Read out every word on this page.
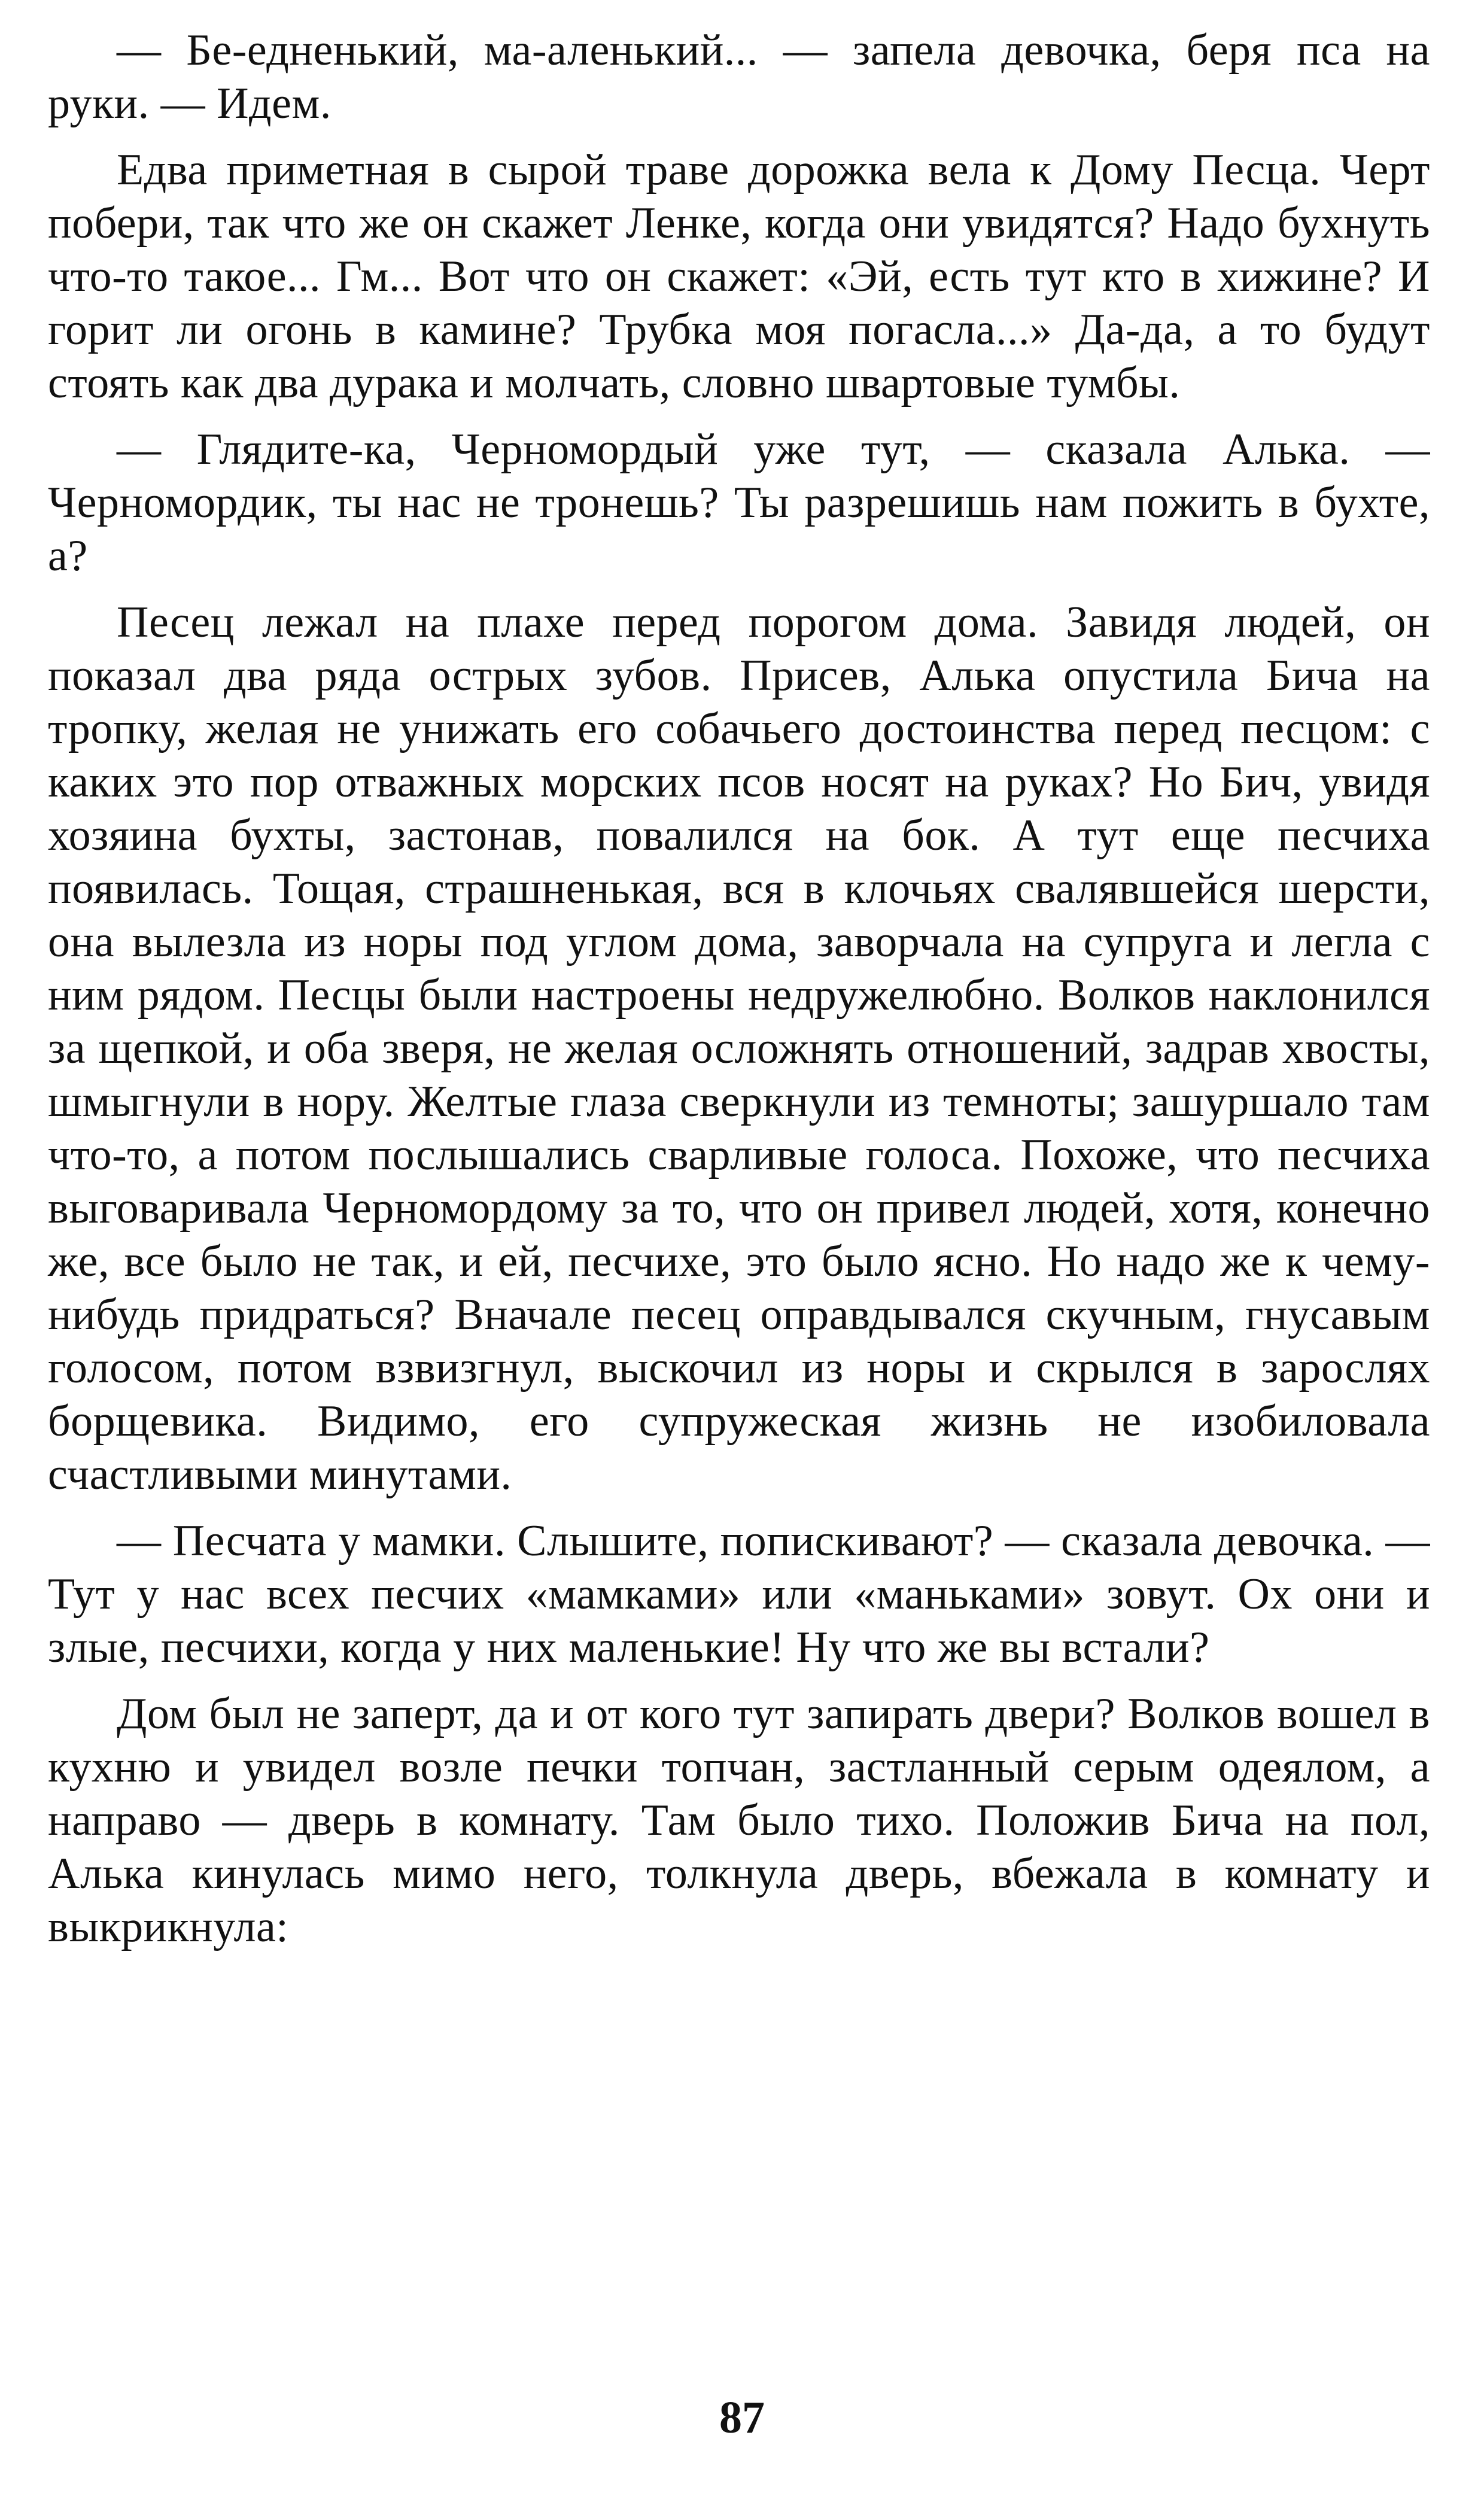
— Бе-едненький, ма-аленький... — запела девочка, беря пса на руки. — Идем.

Едва приметная в сырой траве дорожка вела к Дому Песца. Черт побери, так что же он скажет Ленке, когда они увидятся? Надо бухнуть что-то такое... Гм... Вот что он скажет: «Эй, есть тут кто в хижине? И горит ли огонь в камине? Трубка моя погасла...» Да-да, а то будут стоять как два дурака и молчать, словно швартовые тумбы.

— Глядите-ка, Черномордый уже тут, — сказала Алька. — Черномордик, ты нас не тронешь? Ты разрешишь нам пожить в бухте, а?

Песец лежал на плахе перед порогом дома. Завидя людей, он показал два ряда острых зубов. Присев, Алька опустила Бича на тропку, желая не унижать его собачьего достоинства перед песцом: с каких это пор отважных морских псов носят на руках? Но Бич, увидя хозяина бухты, застонав, повалился на бок. А тут еще песчиха появилась. Тощая, страшненькая, вся в клочьях свалявшейся шерсти, она вылезла из норы под углом дома, заворчала на супруга и легла с ним рядом. Песцы были настроены недружелюбно. Волков наклонился за щепкой, и оба зверя, не желая осложнять отношений, задрав хвосты, шмыгнули в нору. Желтые глаза сверкнули из темноты; зашуршало там что-то, а потом послышались сварливые голоса. Похоже, что песчиха выговаривала Черномордому за то, что он привел людей, хотя, конечно же, все было не так, и ей, песчихе, это было ясно. Но надо же к чему-нибудь придраться? Вначале песец оправдывался скучным, гнусавым голосом, потом взвизгнул, выскочил из норы и скрылся в зарослях борщевика. Видимо, его супружеская жизнь не изобиловала счастливыми минутами.

— Песчата у мамки. Слышите, попискивают? — сказала девочка. — Тут у нас всех песчих «мамками» или «маньками» зовут. Ох они и злые, песчихи, когда у них маленькие! Ну что же вы встали?

Дом был не заперт, да и от кого тут запирать двери? Волков вошел в кухню и увидел возле печки топчан, застланный серым одеялом, а направо — дверь в комнату. Там было тихо. Положив Бича на пол, Алька кинулась мимо него, толкнула дверь, вбежала в комнату и выкрикнула:

87
